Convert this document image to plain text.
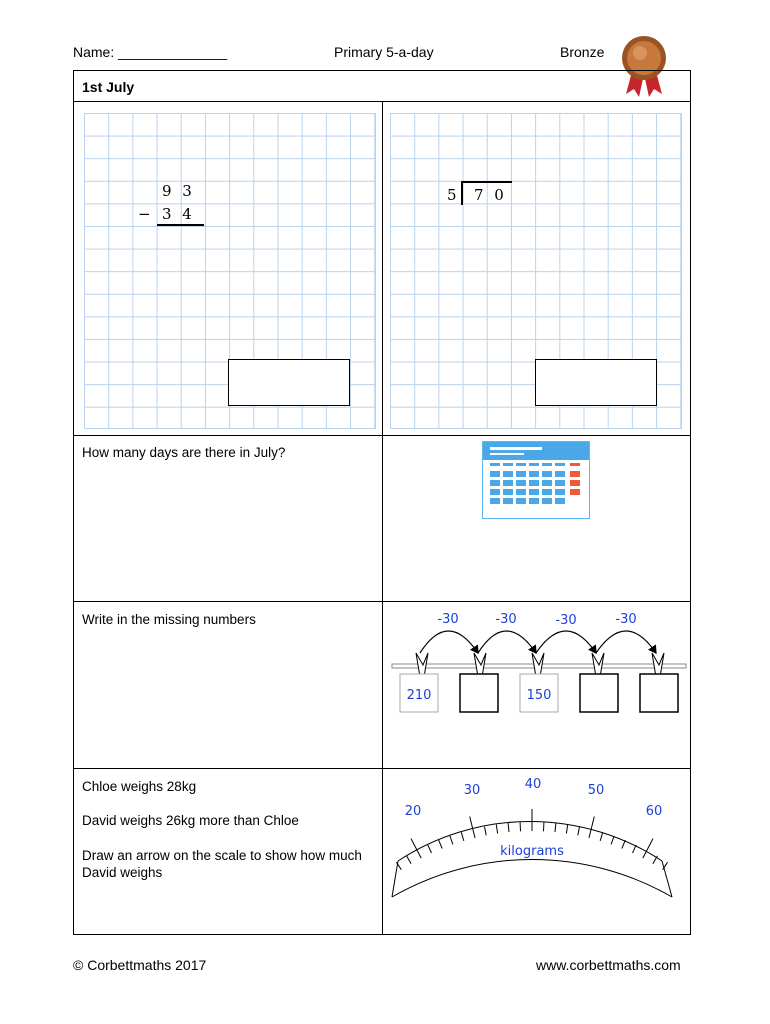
Name: ______________	Primary 5-a-day	Bronze
1st July
9 3
− 3 4
5 7 0
How many days are there in July?
Write in the missing numbers	-30	-30	-30	-30
210	150
Chloe weighs 28kg
David weighs 26kg more than Chloe
Draw an arrow on the scale to show how much David weighs
20
30	40	50
60
kilograms
© Corbettmaths 2017	www.corbettmaths.com
